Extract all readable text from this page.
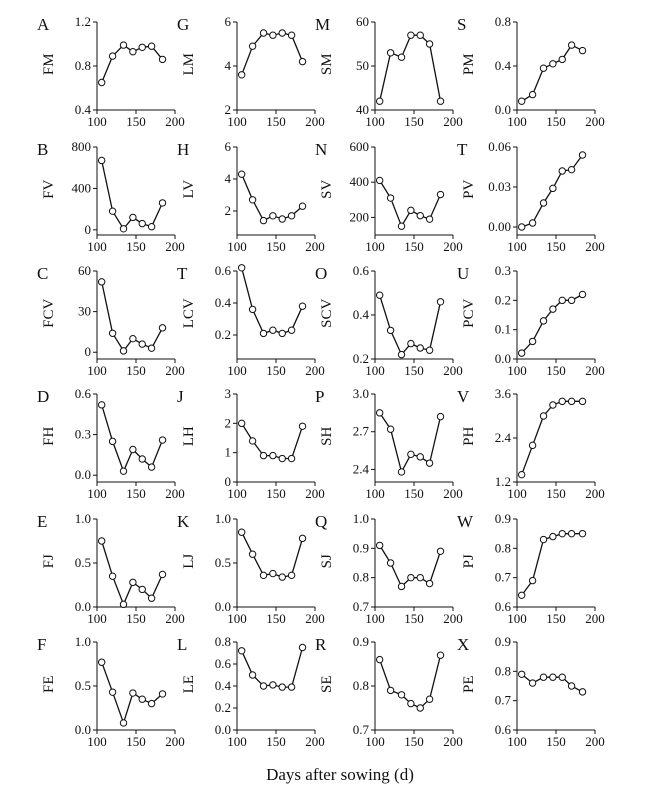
A
FM
0.4
0.8
1.2
100 150 200
G
LM
2
4
6
100 150 200
M
SM
40
50
60
100 150 200
S
PM
0.0
0.4
0.8
100 150 200
B
FV
0
400
800
100 150 200
H
LV
2
4
6
100 150 200
N
SV
200
400
600
100 150 200
T
PV
0.00
0.03
0.06
100 150 200
C
FCV
0
30
60
100 150 200
T
LCV
0.2
0.4
0.6
100 150 200
O
SCV
0.2
0.4
0.6
100 150 200
U
PCV
0.0
0.1
0.2
0.3
100 150 200
D
FH
0.0
0.3
0.6
100 150 200
J
LH
0
1
2
3
100 150 200
P
SH
2.4
2.7
3.0
100 150 200
V
PH
1.2
2.4
3.6
100 150 200
E
FJ
0.0
0.5
1.0
100 150 200
K
LJ
0.0
0.5
1.0
100 150 200
Q
SJ
0.7
0.8
0.9
1.0
100 150 200
W
PJ
0.6
0.7
0.8
0.9
100 150 200
F
FE
0.0
0.5
1.0
100 150 200
L
LE
0.0
0.2
0.4
0.6
0.8
100 150 200
R
SE
0.7
0.8
0.9
100 150 200
X
PE
0.6
0.7
0.8
0.9
100 150 200
Days after sowing (d)
